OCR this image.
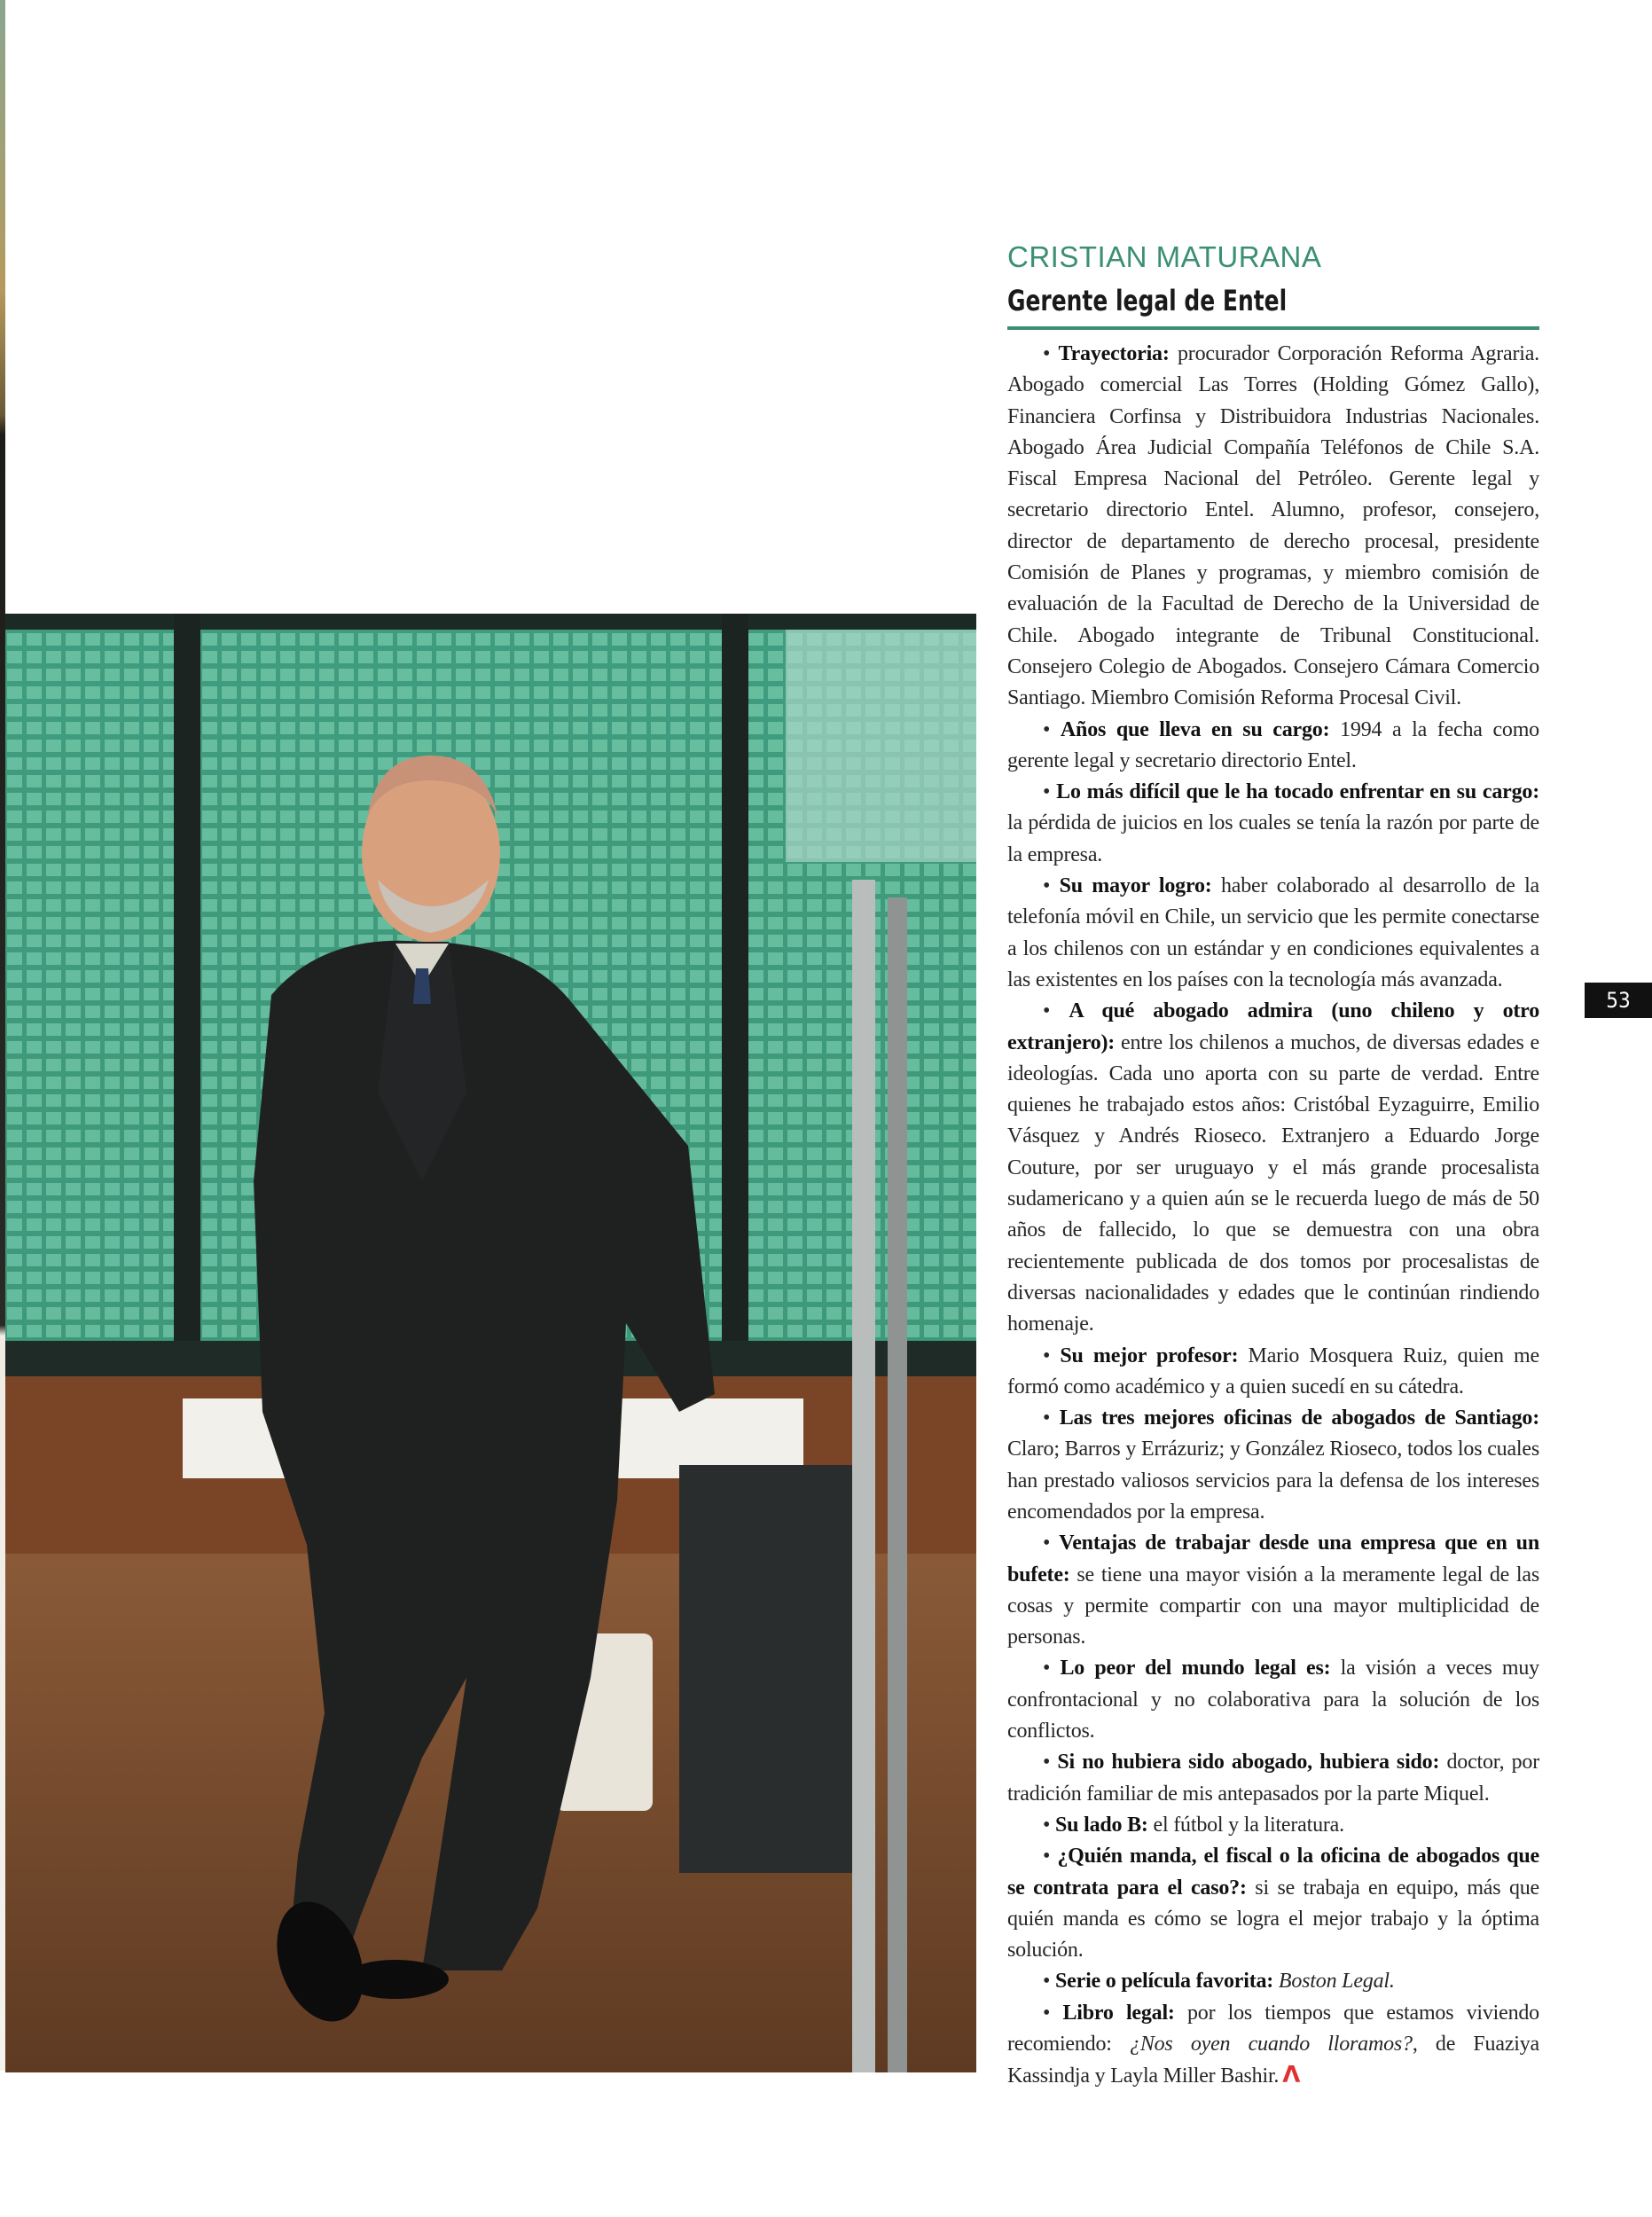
CRISTIAN MATURANA
Gerente legal de Entel

• Trayectoria: procurador Corporación Reforma Agraria. Abogado comercial Las Torres (Holding Gómez Gallo), Financiera Corfinsa y Distribuidora Industrias Nacionales. Abogado Área Judicial Compañía Teléfonos de Chile S.A. Fiscal Empresa Nacional del Petróleo. Gerente legal y secretario directorio Entel. Alumno, profesor, consejero, director de departamento de derecho procesal, presidente Comisión de Planes y programas, y miembro comisión de evaluación de la Facultad de Derecho de la Universidad de Chile. Abogado integrante de Tribunal Constitucional. Consejero Colegio de Abogados. Consejero Cámara Comercio Santiago. Miembro Comisión Reforma Procesal Civil.

• Años que lleva en su cargo: 1994 a la fecha como gerente legal y secretario directorio Entel.

• Lo más difícil que le ha tocado enfrentar en su cargo: la pérdida de juicios en los cuales se tenía la razón por parte de la empresa.

• Su mayor logro: haber colaborado al desarrollo de la telefonía móvil en Chile, un servicio que les permite conectarse a los chilenos con un estándar y en condiciones equivalentes a las existentes en los países con la tecnología más avanzada.

• A qué abogado admira (uno chileno y otro extranjero): entre los chilenos a muchos, de diversas edades e ideologías. Cada uno aporta con su parte de verdad. Entre quienes he trabajado estos años: Cristóbal Eyzaguirre, Emilio Vásquez y Andrés Rioseco. Extranjero a Eduardo Jorge Couture, por ser uruguayo y el más grande procesalista sudamericano y a quien aún se le recuerda luego de más de 50 años de fallecido, lo que se demuestra con una obra recientemente publicada de dos tomos por procesalistas de diversas nacionalidades y edades que le continúan rindiendo homenaje.

• Su mejor profesor: Mario Mosquera Ruiz, quien me formó como académico y a quien sucedí en su cátedra.

• Las tres mejores oficinas de abogados de Santiago: Claro; Barros y Errázuriz; y González Rioseco, todos los cuales han prestado valiosos servicios para la defensa de los intereses encomendados por la empresa.

• Ventajas de trabajar desde una empresa que en un bufete: se tiene una mayor visión a la meramente legal de las cosas y permite compartir con una mayor multiplicidad de personas.

• Lo peor del mundo legal es: la visión a veces muy confrontacional y no colaborativa para la solución de los conflictos.

• Si no hubiera sido abogado, hubiera sido: doctor, por tradición familiar de mis antepasados por la parte Miquel.

• Su lado B: el fútbol y la literatura.

• ¿Quién manda, el fiscal o la oficina de abogados que se contrata para el caso?: si se trabaja en equipo, más que quién manda es cómo se logra el mejor trabajo y la óptima solución.

• Serie o película favorita: Boston Legal.

• Libro legal: por los tiempos que estamos viviendo recomiendo: ¿Nos oyen cuando lloramos?, de Fuaziya Kassindja y Layla Miller Bashir. Λ

53
